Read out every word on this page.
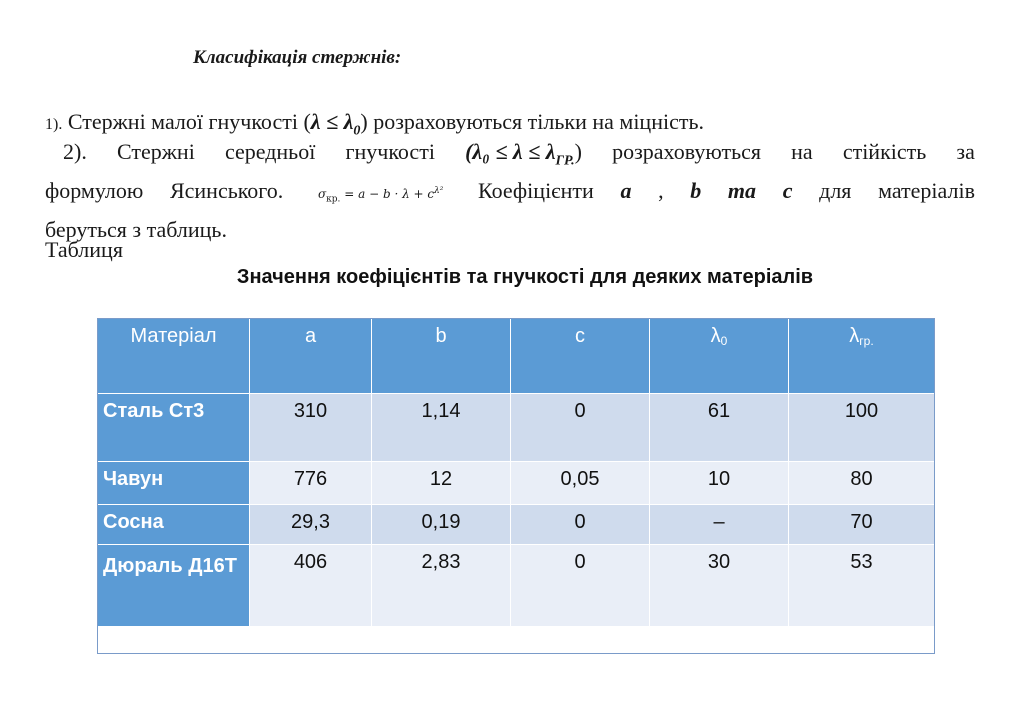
Класифікація стержнів:
1). Стержні малої гнучкості $(\lambda \le \lambda_0)$ розраховуються тільки на міцність.
2). Стержні середньої гнучкості $(\lambda_0 \le \lambda \le \lambda_{ГР.})$ розраховуються на стійкість за
формулою Ясинського.	$\sigma_{кр.} = a - b \cdot \lambda + c^{\lambda^2}$ Коефіцієнти a , b та c для матеріалів
беруться з таблиць.
Таблиця
Значення коефіцієнтів та гнучкості для деяких матеріалів
Матеріал	a	b	c	λ0	λгр.
Сталь Ст3	310	1,14	0	61	100
Чавун	776	12	0,05	10	80
Сосна	29,3	0,19	0	–	70
Дюраль Д16Т	406	2,83	0	30	53
